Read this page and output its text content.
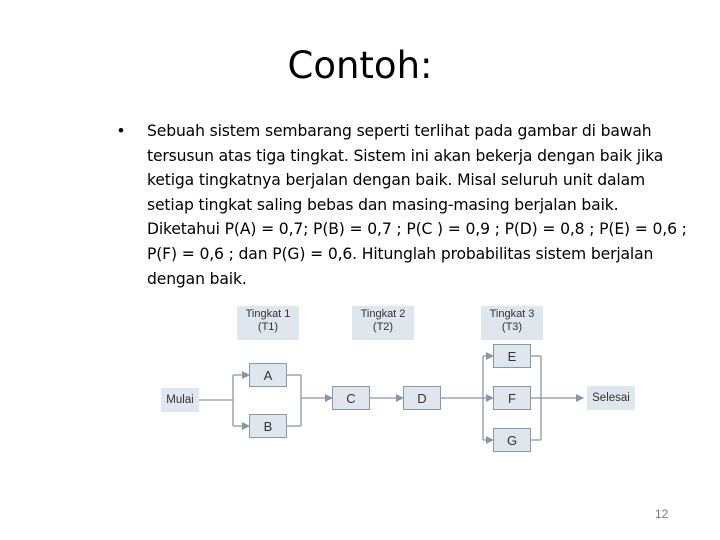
Contoh:
• Sebuah sistem sembarang seperti terlihat pada gambar di bawah
tersusun atas tiga tingkat. Sistem ini akan bekerja dengan baik jika
ketiga tingkatnya berjalan dengan baik. Misal seluruh unit dalam
setiap tingkat saling bebas dan masing-masing berjalan baik.
Diketahui P(A) = 0,7; P(B) = 0,7 ; P(C ) = 0,9 ; P(D) = 0,8 ; P(E) = 0,6 ;
P(F) = 0,6 ; dan P(G) = 0,6. Hitunglah probabilitas sistem berjalan
dengan baik.
Tingkat 1
(T1)
Tingkat 2
(T2)
Tingkat 3
(T3)
Mulai	Selesai
A
B
C	D
E
F
G
12
